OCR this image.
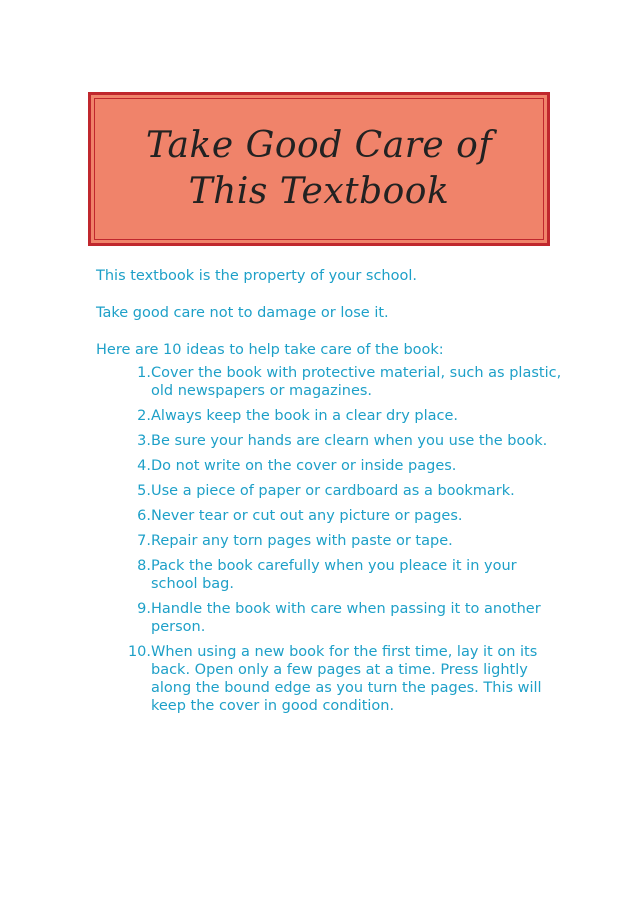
Take Good Care of
This Textbook
This textbook is the property of your school.
Take good care not to damage or lose it.
Here are 10 ideas to help take care of the book:
1. Cover the book with protective material, such as plastic, old newspapers or magazines.
2. Always keep the book in a clear dry place.
3. Be sure your hands are clearn when you use the book.
4. Do not write on the cover or inside pages.
5. Use a piece of paper or cardboard as a bookmark.
6. Never tear or cut out any picture or pages.
7. Repair any torn pages with paste or tape.
8. Pack the book carefully when you pleace it in your school bag.
9. Handle the book with care when passing it to another person.
10. When using a new book for the first time, lay it on its back. Open only a few pages at a time. Press lightly along the bound edge as you turn the pages. This will keep the cover in good condition.
